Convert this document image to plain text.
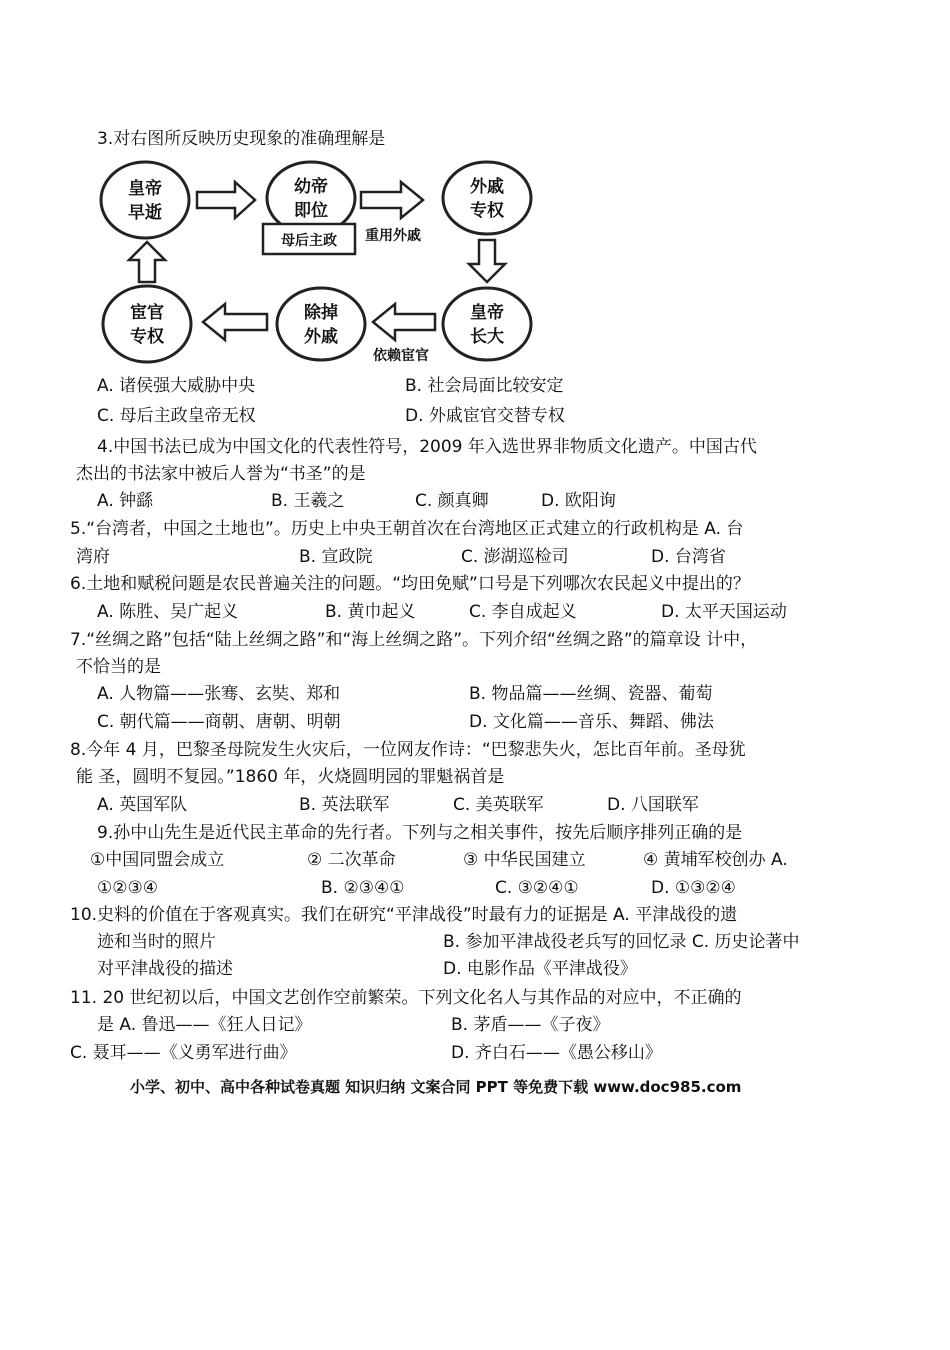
3.对右图所反映历史现象的准确理解是
皇帝
早逝
幼帝
即位
母后主政 重用外戚
外戚
专权
皇帝
长大
依赖宦官
除掉
外戚
宦官
专权
A. 诸侯强大威胁中央	B. 社会局面比较安定
C. 母后主政皇帝无权	D. 外戚宦官交替专权
4.中国书法已成为中国文化的代表性符号，2009 年入选世界非物质文化遗产。中国古代
杰出的书法家中被后人誉为“书圣”的是
A. 钟繇	B. 王羲之	C. 颜真卿	D. 欧阳询
5.“台湾者，中国之土地也”。历史上中央王朝首次在台湾地区正式建立的行政机构是 A. 台
湾府	B. 宣政院	C. 澎湖巡检司	D. 台湾省
6.土地和赋税问题是农民普遍关注的问题。“均田免赋”口号是下列哪次农民起义中提出的？
A. 陈胜、吴广起义	B. 黄巾起义	C. 李自成起义	D. 太平天国运动
7.“丝绸之路”包括“陆上丝绸之路”和“海上丝绸之路”。下列介绍“丝绸之路”的篇章设 计中，
不恰当的是
A. 人物篇——张骞、玄奘、郑和	B. 物品篇——丝绸、瓷器、葡萄
C. 朝代篇——商朝、唐朝、明朝	D. 文化篇——音乐、舞蹈、佛法
8.今年 4 月，巴黎圣母院发生火灾后，一位网友作诗：“巴黎悲失火，怎比百年前。圣母犹
能 圣，圆明不复园。”1860 年，火烧圆明园的罪魁祸首是
A. 英国军队	B. 英法联军	C. 美英联军	D. 八国联军
9.孙中山先生是近代民主革命的先行者。下列与之相关事件，按先后顺序排列正确的是
①中国同盟会成立	② 二次革命	③ 中华民国建立	④ 黄埔军校创办 A.
①②③④	B. ②③④①	C. ③②④①	D. ①③②④
10.史料的价值在于客观真实。我们在研究“平津战役”时最有力的证据是 A. 平津战役的遗
迹和当时的照片	B. 参加平津战役老兵写的回忆录 C. 历史论著中
对平津战役的描述	D. 电影作品《平津战役》
11. 20 世纪初以后，中国文艺创作空前繁荣。下列文化名人与其作品的对应中，不正确的
是 A. 鲁迅——《狂人日记》	B. 茅盾——《子夜》
C. 聂耳——《义勇军进行曲》	D. 齐白石——《愚公移山》
小学、初中、高中各种试卷真题 知识归纳 文案合同 PPT 等免费下载 www.doc985.com
